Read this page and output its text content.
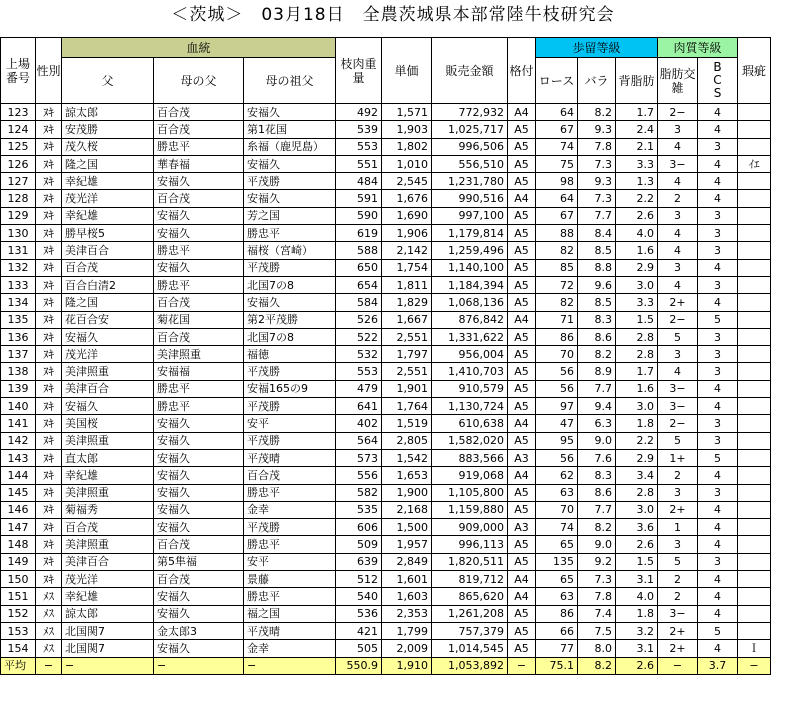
＜茨城＞　03月18日　全農茨城県本部常陸牛枝研究会
上場番号	性別	血統			枝肉重量	単価	販売金額	格付	歩留等級			肉質等級		瑕疵
		父	母の父	母の祖父					ロース	バラ	背脂肪	脂肪交雑	BCS	
123	ﾇｷ	諒太郎	百合茂	安福久	492	1,571	772,932	A4	64	8.2	1.7	2−	4	
124	ﾇｷ	安茂勝	百合茂	第1花国	539	1,903	1,025,717	A5	67	9.3	2.4	3	4	
125	ﾇｷ	茂久桜	勝忠平	糸福（鹿児島）	553	1,802	996,506	A5	74	7.8	2.1	4	3	
126	ﾇｷ	隆之国	華春福	安福久	551	1,010	556,510	A5	75	7.3	3.3	3−	4	ｲｴ
127	ﾇｷ	幸紀雄	安福久	平茂勝	484	2,545	1,231,780	A5	98	9.3	1.3	4	4	
128	ﾇｷ	茂光洋	百合茂	安福久	591	1,676	990,516	A4	64	7.3	2.2	2	4	
129	ﾇｷ	幸紀雄	安福久	芳之国	590	1,690	997,100	A5	67	7.7	2.6	3	3	
130	ﾇｷ	勝早桜5	安福久	勝忠平	619	1,906	1,179,814	A5	88	8.4	4.0	4	3	
131	ﾇｷ	美津百合	勝忠平	福桜（宮崎）	588	2,142	1,259,496	A5	82	8.5	1.6	4	3	
132	ﾇｷ	百合茂	安福久	平茂勝	650	1,754	1,140,100	A5	85	8.8	2.9	3	4	
133	ﾇｷ	百合白清2	勝忠平	北国7の8	654	1,811	1,184,394	A5	72	9.6	3.0	4	3	
134	ﾇｷ	隆之国	百合茂	安福久	584	1,829	1,068,136	A5	82	8.5	3.3	2+	4	
135	ﾇｷ	花百合安	菊花国	第2平茂勝	526	1,667	876,842	A4	71	8.3	1.5	2−	5	
136	ﾇｷ	安福久	百合茂	北国7の8	522	2,551	1,331,622	A5	86	8.6	2.8	5	3	
137	ﾇｷ	茂光洋	美津照重	福徳	532	1,797	956,004	A5	70	8.2	2.8	3	3	
138	ﾇｷ	美津照重	安福福	平茂勝	553	2,551	1,410,703	A5	56	8.9	1.7	4	3	
139	ﾇｷ	美津百合	勝忠平	安福165の9	479	1,901	910,579	A5	56	7.7	1.6	3−	4	
140	ﾇｷ	安福久	勝忠平	平茂勝	641	1,764	1,130,724	A5	97	9.4	3.0	3−	4	
141	ﾇｷ	美国桜	安福久	安平	402	1,519	610,638	A4	47	6.3	1.8	2−	3	
142	ﾇｷ	美津照重	安福久	平茂勝	564	2,805	1,582,020	A5	95	9.0	2.2	5	3	
143	ﾇｷ	直太郎	安福久	平茂晴	573	1,542	883,566	A3	56	7.6	2.9	1+	5	
144	ﾇｷ	幸紀雄	安福久	百合茂	556	1,653	919,068	A4	62	8.3	3.4	2	4	
145	ﾇｷ	美津照重	安福久	勝忠平	582	1,900	1,105,800	A5	63	8.6	2.8	3	3	
146	ﾇｷ	菊福秀	安福久	金幸	535	2,168	1,159,880	A5	70	7.7	3.0	2+	4	
147	ﾇｷ	百合茂	安福久	平茂勝	606	1,500	909,000	A3	74	8.2	3.6	1	4	
148	ﾇｷ	美津照重	百合茂	勝忠平	509	1,957	996,113	A5	65	9.0	2.6	3	4	
149	ﾇｷ	美津百合	第5隼福	安平	639	2,849	1,820,511	A5	135	9.2	1.5	5	3	
150	ﾇｷ	茂光洋	百合茂	景藤	512	1,601	819,712	A4	65	7.3	3.1	2	4	
151	ﾒｽ	幸紀雄	安福久	勝忠平	540	1,603	865,620	A4	63	7.8	4.0	2	4	
152	ﾒｽ	諒太郎	安福久	福之国	536	2,353	1,261,208	A5	86	7.4	1.8	3−	4	
153	ﾒｽ	北国関7	金太郎3	平茂晴	421	1,799	757,379	A5	66	7.5	3.2	2+	5	
154	ﾒｽ	北国関7	安福久	金幸	505	2,009	1,014,545	A5	77	8.0	3.1	2+	4	Ｉ
平均	−	−	−	−	550.9	1,910	1,053,892	−	75.1	8.2	2.6	−	3.7	−
